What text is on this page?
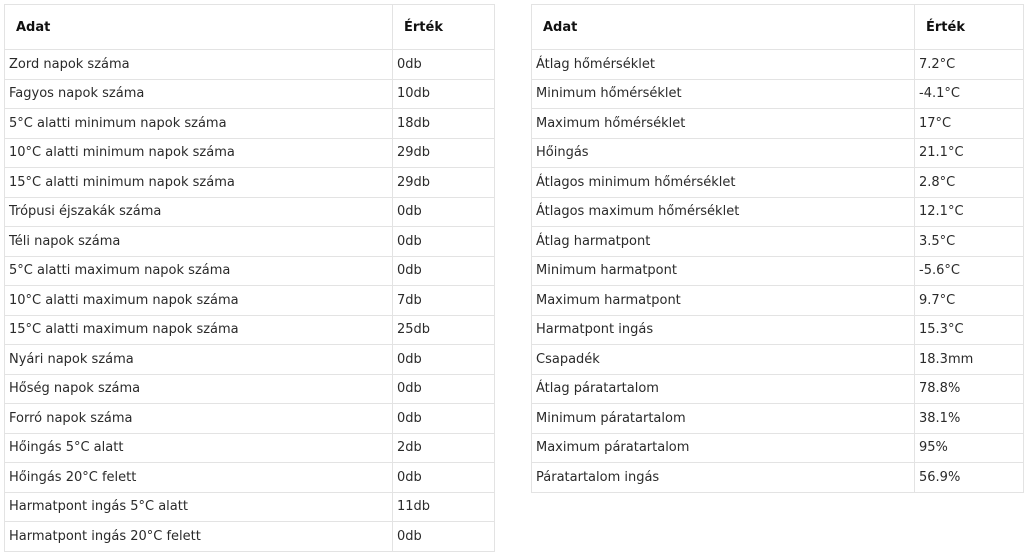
Adat	Érték
Zord napok száma	0db
Fagyos napok száma	10db
5°C alatti minimum napok száma	18db
10°C alatti minimum napok száma	29db
15°C alatti minimum napok száma	29db
Trópusi éjszakák száma	0db
Téli napok száma	0db
5°C alatti maximum napok száma	0db
10°C alatti maximum napok száma	7db
15°C alatti maximum napok száma	25db
Nyári napok száma	0db
Hőség napok száma	0db
Forró napok száma	0db
Hőingás 5°C alatt	2db
Hőingás 20°C felett	0db
Harmatpont ingás 5°C alatt	11db
Harmatpont ingás 20°C felett	0db
Adat	Érték
Átlag hőmérséklet	7.2°C
Minimum hőmérséklet	-4.1°C
Maximum hőmérséklet	17°C
Hőingás	21.1°C
Átlagos minimum hőmérséklet	2.8°C
Átlagos maximum hőmérséklet	12.1°C
Átlag harmatpont	3.5°C
Minimum harmatpont	-5.6°C
Maximum harmatpont	9.7°C
Harmatpont ingás	15.3°C
Csapadék	18.3mm
Átlag páratartalom	78.8%
Minimum páratartalom	38.1%
Maximum páratartalom	95%
Páratartalom ingás	56.9%
